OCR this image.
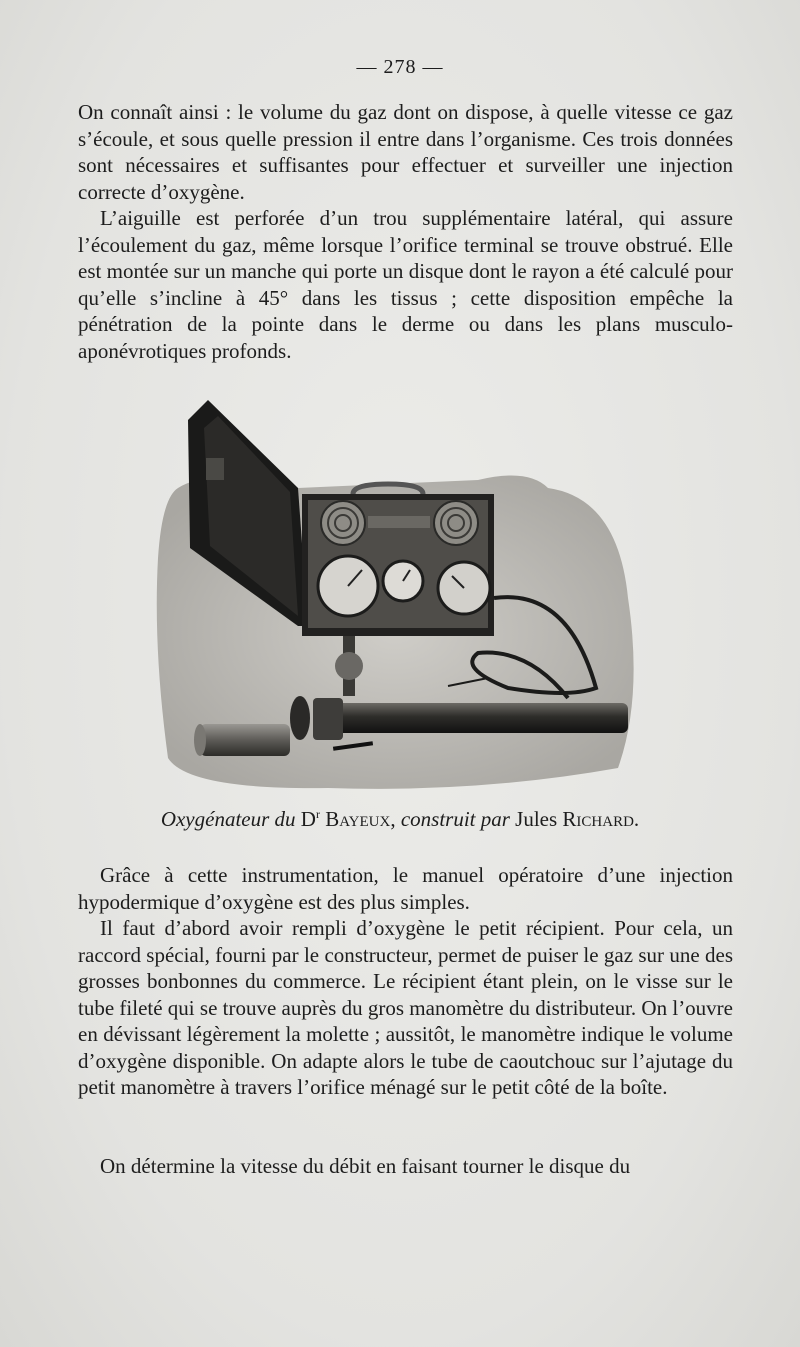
— 278 —

On connaît ainsi : le volume du gaz dont on dispose, à quelle vitesse ce gaz s’écoule, et sous quelle pression il entre dans l’organisme. Ces trois données sont nécessaires et suffisantes pour effectuer et surveiller une injection correcte d’oxygène.

L’aiguille est perforée d’un trou supplémentaire latéral, qui assure l’écoulement du gaz, même lorsque l’orifice terminal se trouve obstrué. Elle est montée sur un manche qui porte un disque dont le rayon a été calculé pour qu’elle s’incline à 45° dans les tissus ; cette disposition empêche la pénétration de la pointe dans le derme ou dans les plans musculo-aponévrotiques profonds.

Oxygénateur du $D^r$ Bayeux, construit par Jules Richard.

Grâce à cette instrumentation, le manuel opératoire d’une injection hypodermique d’oxygène est des plus simples.

Il faut d’abord avoir rempli d’oxygène le petit récipient. Pour cela, un raccord spécial, fourni par le constructeur, permet de puiser le gaz sur une des grosses bonbonnes du commerce. Le récipient étant plein, on le visse sur le tube fileté qui se trouve auprès du gros manomètre du distributeur. On l’ouvre en dévissant légèrement la molette ; aussitôt, le manomètre indique le volume d’oxygène disponible. On adapte alors le tube de caoutchouc sur l’ajutage du petit manomètre à travers l’orifice ménagé sur le petit côté de la boîte.

On détermine la vitesse du débit en faisant tourner le disque du
